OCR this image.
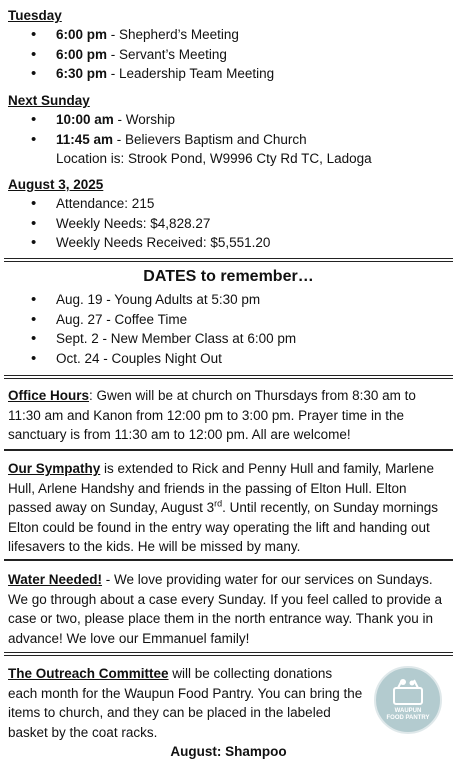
Tuesday
• 6:00 pm - Shepherd’s Meeting
• 6:00 pm - Servant’s Meeting
• 6:30 pm - Leadership Team Meeting
Next Sunday
• 10:00 am - Worship
• 11:45 am - Believers Baptism and Church
Location is: Strook Pond, W9996 Cty Rd TC, Ladoga
August 3, 2025
• Attendance: 215
• Weekly Needs: $4,828.27
• Weekly Needs Received: $5,551.20
DATES to remember…
• Aug. 19 - Young Adults at 5:30 pm
• Aug. 27 - Coffee Time
• Sept. 2 - New Member Class at 6:00 pm
• Oct. 24 - Couples Night Out

Office Hours: Gwen will be at church on Thursdays from 8:30 am to 11:30 am and Kanon from 12:00 pm to 3:00 pm. Prayer time in the sanctuary is from 11:30 am to 12:00 pm. All are welcome!

Our Sympathy is extended to Rick and Penny Hull and family, Marlene Hull, Arlene Handshy and friends in the passing of Elton Hull. Elton passed away on Sunday, August 3rd. Until recently, on Sunday mornings Elton could be found in the entry way operating the lift and handing out lifesavers to the kids. He will be missed by many.

Water Needed! - We love providing water for our services on Sundays. We go through about a case every Sunday. If you feel called to provide a case or two, please place them in the north entrance way. Thank you in advance! We love our Emmanuel family!

The Outreach Committee will be collecting donations each month for the Waupun Food Pantry. You can bring the items to church, and they can be placed in the labeled basket by the coat racks.

WAUPUN
FOOD PANTRY
August: Shampoo
